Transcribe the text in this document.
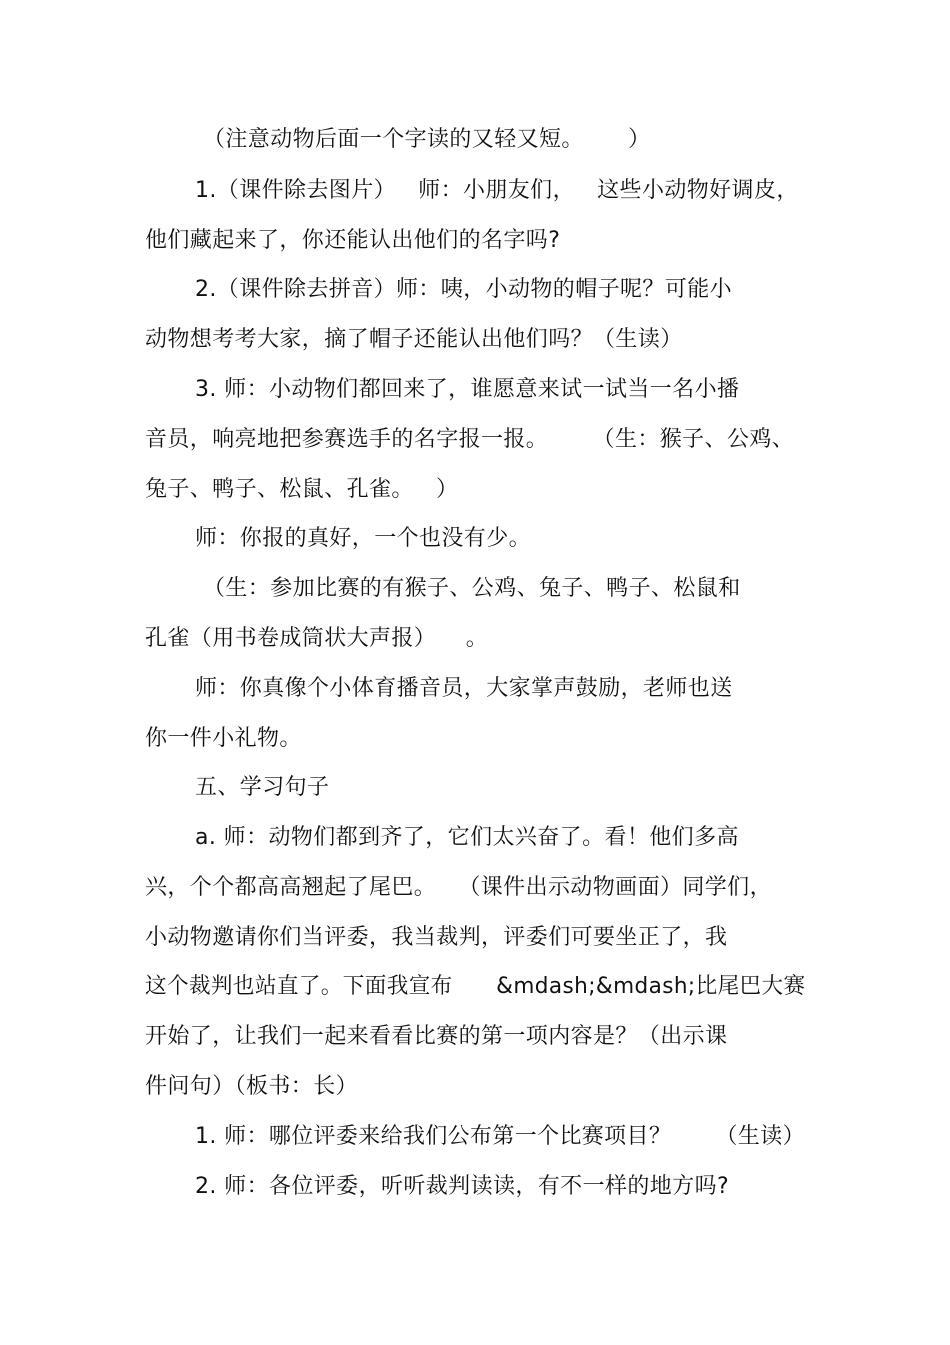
（注意动物后面一个字读的又轻又短。      ）

1.（课件除去图片）   师：小朋友们，   这些小动物好调皮，

他们藏起来了，你还能认出他们的名字吗?

2.（课件除去拼音）师：咦，小动物的帽子呢？可能小

动物想考考大家，摘了帽子还能认出他们吗？（生读）

3. 师：小动物们都回来了，谁愿意来试一试当一名小播

音员，响亮地把参赛选手的名字报一报。      （生：猴子、公鸡、

兔子、鸭子、松鼠、孔雀。   ）

师：你报的真好，一个也没有少。

（生：参加比赛的有猴子、公鸡、兔子、鸭子、松鼠和

孔雀（用书卷成筒状大声报）    。

师：你真像个小体育播音员，大家掌声鼓励，老师也送

你一件小礼物。

五、学习句子

a. 师：动物们都到齐了，它们太兴奋了。看！他们多高

兴，个个都高高翘起了尾巴。   （课件出示动物画面）同学们，

小动物邀请你们当评委，我当裁判，评委们可要坐正了，我

这个裁判也站直了。下面我宣布      &mdash;&mdash;比尾巴大赛

开始了，让我们一起来看看比赛的第一项内容是？（出示课

件问句）（板书：长）

1. 师：哪位评委来给我们公布第一个比赛项目？      （生读）

2. 师：各位评委，听听裁判读读，有不一样的地方吗?
